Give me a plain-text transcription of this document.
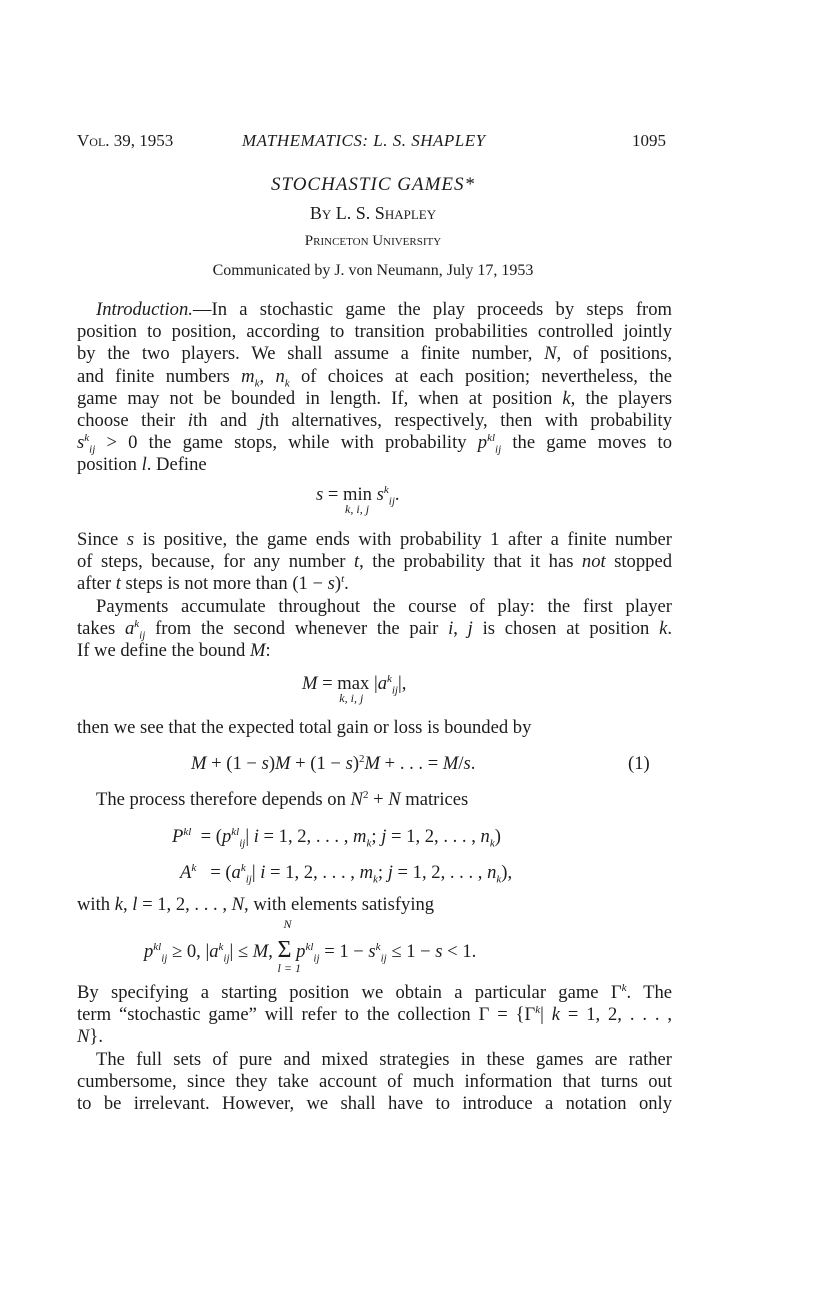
Vol. 39, 1953	MATHEMATICS: L. S. SHAPLEY	1095
STOCHASTIC GAMES*
By L. S. Shapley
Princeton University
Communicated by J. von Neumann, July 17, 1953
Introduction.—In a stochastic game the play proceeds by steps from
position to position, according to transition probabilities controlled jointly
by the two players. We shall assume a finite number, N, of positions,
and finite numbers $m_k$, $n_k$ of choices at each position; nevertheless, the
game may not be bounded in length. If, when at position k, the players
choose their ith and jth alternatives, respectively, then with probability
$s^k_{ij} > 0$ the game stops, while with probability $p^{kl}_{ij}$ the game moves to
position l. Define
s = min
k, i, j
$s^k_{ij}$.
Since s is positive, the game ends with probability 1 after a finite number
of steps, because, for any number t, the probability that it has not stopped
after t steps is not more than $(1 - s)^t$.
Payments accumulate throughout the course of play: the first player
takes $a^k_{ij}$ from the second whenever the pair i, j is chosen at position k.
If we define the bound M:
M = max
k, i, j
$|a^k_{ij}|$,
then we see that the expected total gain or loss is bounded by
$M + (1 - s)M + (1 - s)^2M$ + . . . = M/s.	(1)
The process therefore depends on $N^2 + N$ matrices
$P^{kl} = (p^{kl}_{ij}|$ i = 1, 2, . . . , $m_k$; j = 1, 2, . . . , $n_k$)
$A^k = (a^k_{ij}|$ i = 1, 2, . . . , $m_k$; j = 1, 2, . . . , $n_k$),
with k, l = 1, 2, . . . , N, with elements satisfying
$p^{kl}_{ij} \ge 0$, $|a^k_{ij}| \le M$,
N
Σ
l = 1
$p^{kl}_{ij} = 1 - s^k_{ij} \le 1 - s < 1$.
By specifying a starting position we obtain a particular game $\Gamma^k$. The
term “stochastic game” will refer to the collection $\Gamma = \{\Gamma^k|$ k = 1, 2, . . . ,
N}.
The full sets of pure and mixed strategies in these games are rather
cumbersome, since they take account of much information that turns out
to be irrelevant. However, we shall have to introduce a notation only
